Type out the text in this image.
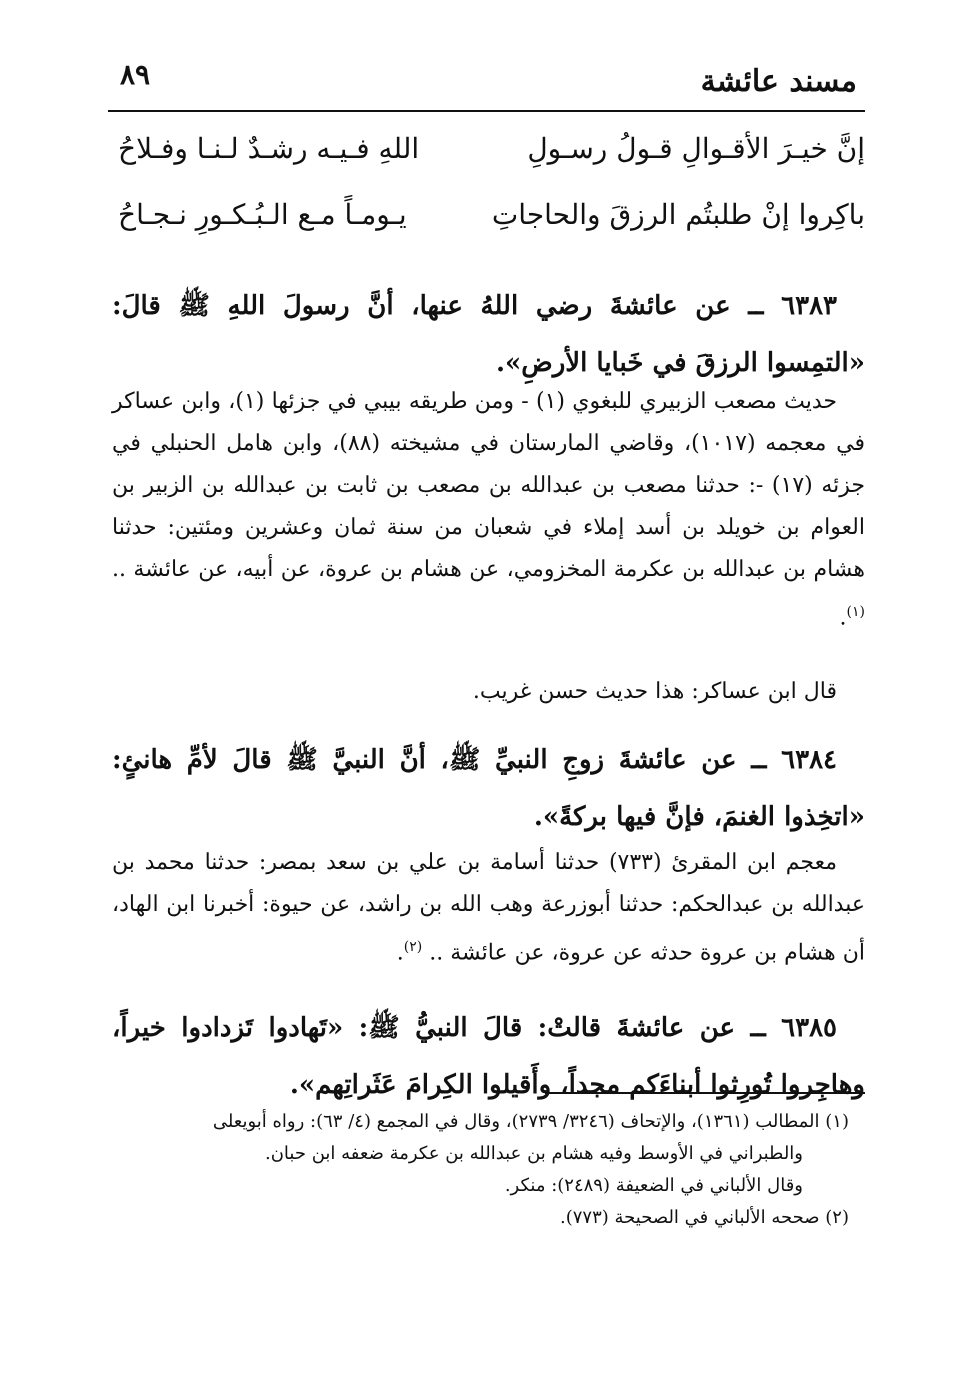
مسند عائشة
٨٩
إنَّ خيـرَ الأقـوالِ قـولُ رسـولِ
اللهِ فـيـه رشـدٌ لـنـا وفـلاحُ
باكِروا إنْ طلبتُم الرزقَ والحاجاتِ
يـومـاً مـع الـبُـكـورِ نـجـاحُ

٦٣٨٣ ــ عن عائشةَ رضي اللهُ عنها، أنَّ رسولَ اللهِ ﷺ قالَ: «التمِسوا الرزقَ في خَبايا الأرضِ».

حديث مصعب الزبيري للبغوي (١) - ومن طريقه بيبي في جزئها (١)، وابن عساكر في معجمه (١٠١٧)، وقاضي المارستان في مشيخته (٨٨)، وابن هامل الحنبلي في جزئه (١٧) -: حدثنا مصعب بن عبدالله بن مصعب بن ثابت بن عبدالله بن الزبير بن العوام بن خويلد بن أسد إملاء في شعبان من سنة ثمان وعشرين ومئتين: حدثنا هشام بن عبدالله بن عكرمة المخزومي، عن هشام بن عروة، عن أبيه، عن عائشة .. $^{(١)}$.

قال ابن عساكر: هذا حديث حسن غريب.

٦٣٨٤ ــ عن عائشةَ زوجِ النبيِّ ﷺ، أنَّ النبيَّ ﷺ قالَ لأمِّ هانئٍ: «اتخِذوا الغنمَ، فإنَّ فيها بركةً».

معجم ابن المقرئ (٧٣٣) حدثنا أسامة بن علي بن سعد بمصر: حدثنا محمد بن عبدالله بن عبدالحكم: حدثنا أبوزرعة وهب الله بن راشد، عن حيوة: أخبرنا ابن الهاد، أن هشام بن عروة حدثه عن عروة، عن عائشة .. $^{(٢)}$.

٦٣٨٥ ــ عن عائشةَ قالتْ: قالَ النبيُّ ﷺ: «تَهادوا تَزدادوا خيراً، وهاجِروا تُورِثوا أبناءَكم مجداً، وأَقيلوا الكِرامَ عَثَراتِهم».

(١) المطالب (١٣٦١)، والإتحاف (٣٢٤٦/ ٢٧٣٩)، وقال في المجمع (٤/ ٦٣): رواه أبويعلى

والطبراني في الأوسط وفيه هشام بن عبدالله بن عكرمة ضعفه ابن حبان.

وقال الألباني في الضعيفة (٢٤٨٩): منكر.

(٢) صححه الألباني في الصحيحة (٧٧٣).
